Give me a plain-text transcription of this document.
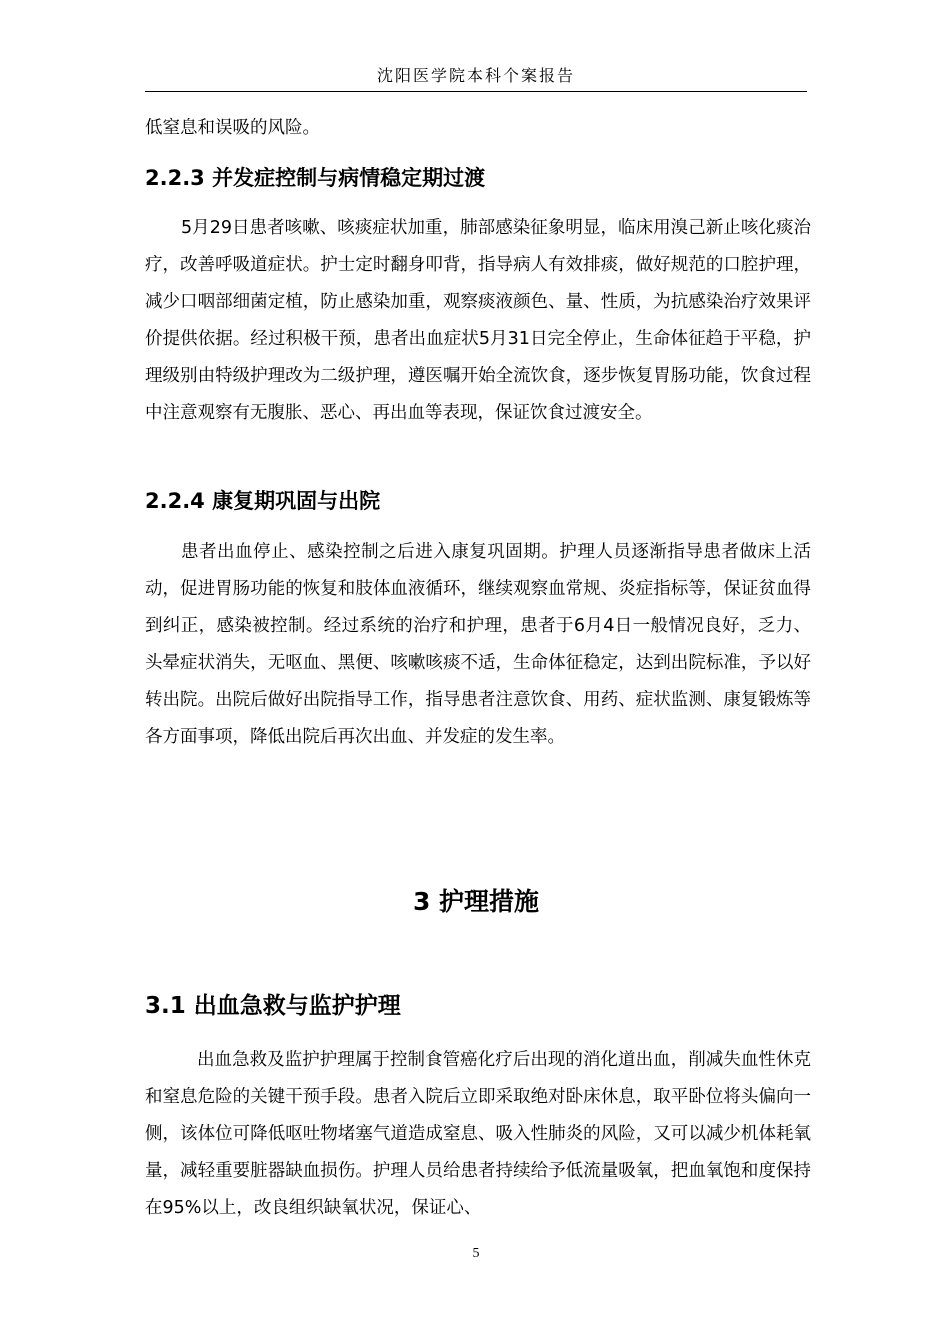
沈阳医学院本科个案报告

低窒息和误吸的风险。

2.2.3 并发症控制与病情稳定期过渡

5月29日患者咳嗽、咳痰症状加重，肺部感染征象明显，临床用溴己新止咳化痰治疗，改善呼吸道症状。护士定时翻身叩背，指导病人有效排痰，做好规范的口腔护理，减少口咽部细菌定植，防止感染加重，观察痰液颜色、量、性质，为抗感染治疗效果评价提供依据。经过积极干预，患者出血症状5月31日完全停止，生命体征趋于平稳，护理级别由特级护理改为二级护理，遵医嘱开始全流饮食，逐步恢复胃肠功能，饮食过程中注意观察有无腹胀、恶心、再出血等表现，保证饮食过渡安全。

2.2.4 康复期巩固与出院

患者出血停止、感染控制之后进入康复巩固期。护理人员逐渐指导患者做床上活动，促进胃肠功能的恢复和肢体血液循环，继续观察血常规、炎症指标等，保证贫血得到纠正，感染被控制。经过系统的治疗和护理，患者于6月4日一般情况良好，乏力、头晕症状消失，无呕血、黑便、咳嗽咳痰不适，生命体征稳定，达到出院标准，予以好转出院。出院后做好出院指导工作，指导患者注意饮食、用药、症状监测、康复锻炼等各方面事项，降低出院后再次出血、并发症的发生率。

3 护理措施
3.1 出血急救与监护护理

出血急救及监护护理属于控制食管癌化疗后出现的消化道出血，削减失血性休克和窒息危险的关键干预手段。患者入院后立即采取绝对卧床休息，取平卧位将头偏向一侧，该体位可降低呕吐物堵塞气道造成窒息、吸入性肺炎的风险，又可以减少机体耗氧量，减轻重要脏器缺血损伤。护理人员给患者持续给予低流量吸氧，把血氧饱和度保持在95%以上，改良组织缺氧状况，保证心、

5
